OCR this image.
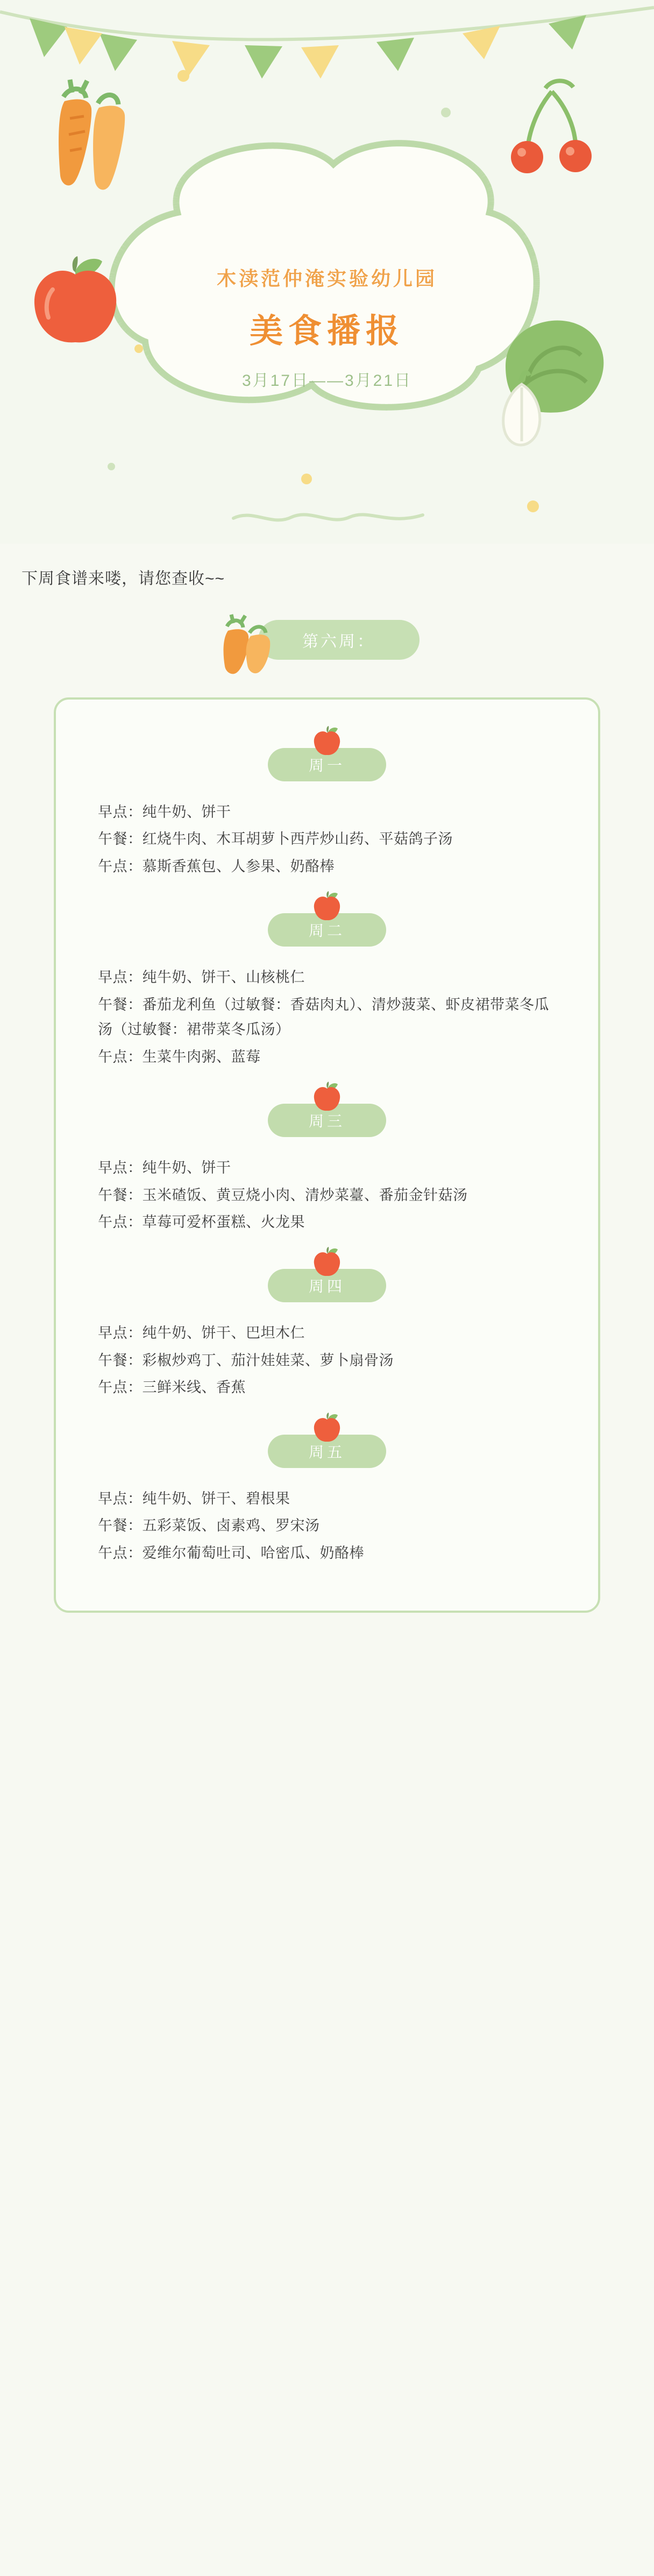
木渎范仲淹实验幼儿园
美食播报
3月17日——3月21日

下周食谱来喽，请您查收~~

第六周：
周一

早点：纯牛奶、饼干

午餐：红烧牛肉、木耳胡萝卜西芹炒山药、平菇鸽子汤

午点：慕斯香蕉包、人参果、奶酪棒

周二

早点：纯牛奶、饼干、山核桃仁

午餐：番茄龙利鱼（过敏餐：香菇肉丸）、清炒菠菜、虾皮裙带菜冬瓜汤（过敏餐：裙带菜冬瓜汤）

午点：生菜牛肉粥、蓝莓

周三

早点：纯牛奶、饼干

午餐：玉米碴饭、黄豆烧小肉、清炒菜薹、番茄金针菇汤

午点：草莓可爱杯蛋糕、火龙果

周四

早点：纯牛奶、饼干、巴坦木仁

午餐：彩椒炒鸡丁、茄汁娃娃菜、萝卜扇骨汤

午点：三鲜米线、香蕉

周五

早点：纯牛奶、饼干、碧根果

午餐：五彩菜饭、卤素鸡、罗宋汤

午点：爱维尔葡萄吐司、哈密瓜、奶酪棒
